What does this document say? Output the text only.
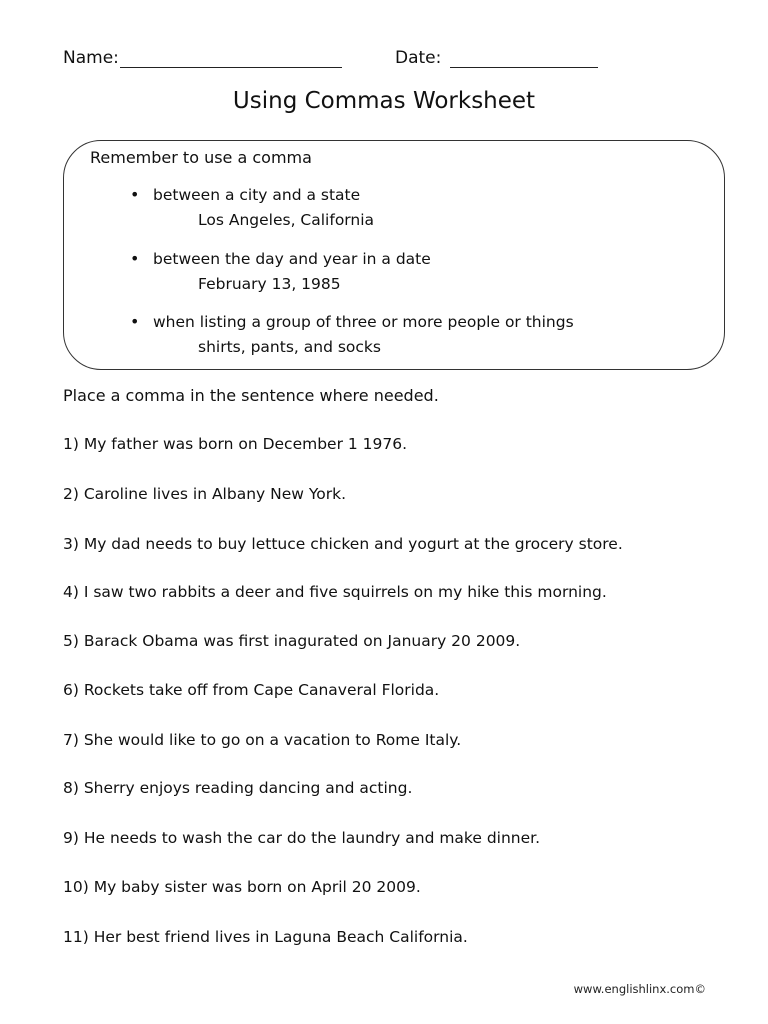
Name:	Date:
Using Commas Worksheet
Remember to use a comma
• between a city and a state
Los Angeles, California
• between the day and year in a date
February 13, 1985
• when listing a group of three or more people or things
shirts, pants, and socks
Place a comma in the sentence where needed.
1) My father was born on December 1 1976.
2) Caroline lives in Albany New York.
3) My dad needs to buy lettuce chicken and yogurt at the grocery store.
4) I saw two rabbits a deer and five squirrels on my hike this morning.
5) Barack Obama was first inagurated on January 20 2009.
6) Rockets take off from Cape Canaveral Florida.
7) She would like to go on a vacation to Rome Italy.
8) Sherry enjoys reading dancing and acting.
9) He needs to wash the car do the laundry and make dinner.
10) My baby sister was born on April 20 2009.
11) Her best friend lives in Laguna Beach California.
www.englishlinx.com©
